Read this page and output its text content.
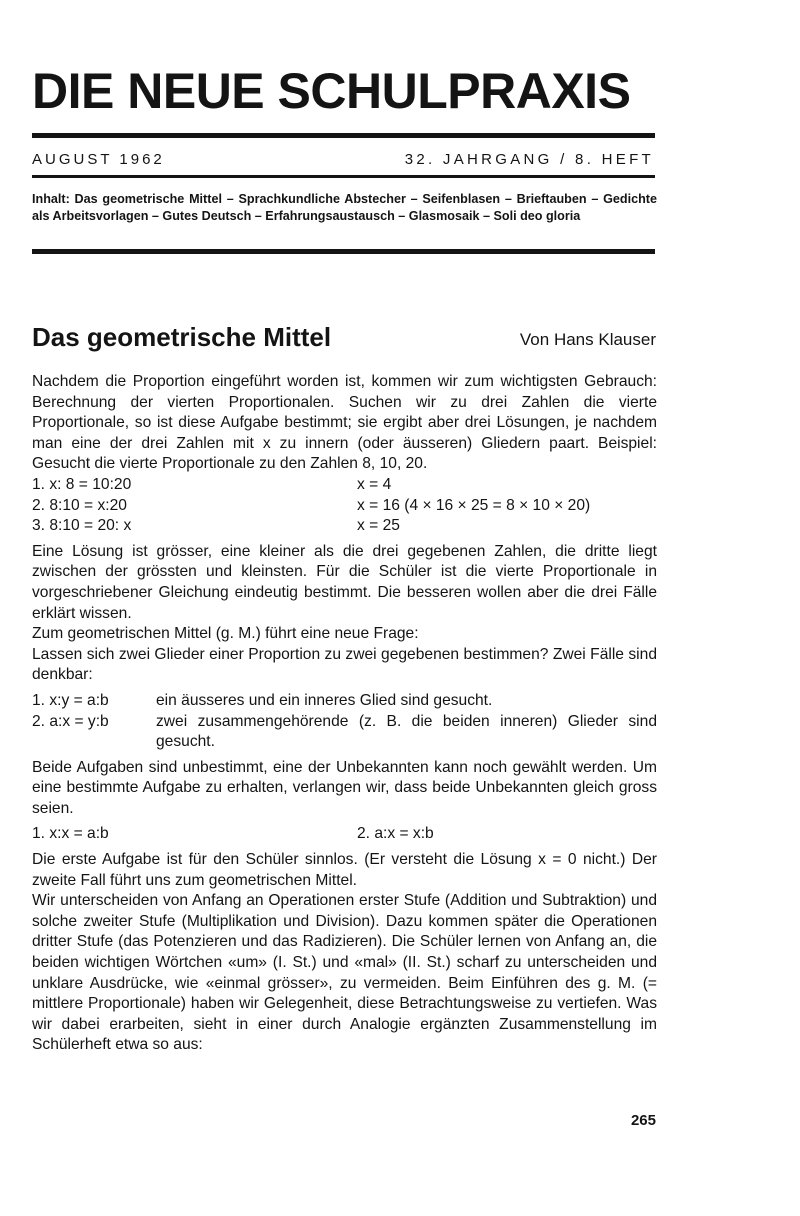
DIE NEUE SCHULPRAXIS
AUGUST 1962	32. JAHRGANG / 8. HEFT
Inhalt: Das geometrische Mittel – Sprachkundliche Abstecher – Seifenblasen – Brieftauben – Gedichte als Arbeitsvorlagen – Gutes Deutsch – Erfahrungsaustausch – Glasmosaik – Soli deo gloria
Das geometrische Mittel	Von Hans Klauser

Nachdem die Proportion eingeführt worden ist, kommen wir zum wichtigsten Gebrauch: Berechnung der vierten Proportionalen. Suchen wir zu drei Zahlen die vierte Proportionale, so ist diese Aufgabe bestimmt; sie ergibt aber drei Lösungen, je nachdem man eine der drei Zahlen mit x zu innern (oder äusseren) Gliedern paart. Beispiel: Gesucht die vierte Proportionale zu den Zahlen 8, 10, 20.

1. x: 8 = 10:20	x = 4
2. 8:10 = x:20	x = 16 (4 × 16 × 25 = 8 × 10 × 20)
3. 8:10 = 20: x	x = 25

Eine Lösung ist grösser, eine kleiner als die drei gegebenen Zahlen, die dritte liegt zwischen der grössten und kleinsten. Für die Schüler ist die vierte Proportionale in vorgeschriebener Gleichung eindeutig bestimmt. Die besseren wollen aber die drei Fälle erklärt wissen.

Zum geometrischen Mittel (g. M.) führt eine neue Frage:

Lassen sich zwei Glieder einer Proportion zu zwei gegebenen bestimmen? Zwei Fälle sind denkbar:

1. x:y = a:b	ein äusseres und ein inneres Glied sind gesucht.
2. a:x = y:b	zwei zusammengehörende (z. B. die beiden inneren) Glieder sind gesucht.

Beide Aufgaben sind unbestimmt, eine der Unbekannten kann noch gewählt werden. Um eine bestimmte Aufgabe zu erhalten, verlangen wir, dass beide Unbekannten gleich gross seien.

1. x:x = a:b	2. a:x = x:b

Die erste Aufgabe ist für den Schüler sinnlos. (Er versteht die Lösung x = 0 nicht.) Der zweite Fall führt uns zum geometrischen Mittel.

Wir unterscheiden von Anfang an Operationen erster Stufe (Addition und Subtraktion) und solche zweiter Stufe (Multiplikation und Division). Dazu kommen später die Operationen dritter Stufe (das Potenzieren und das Radizieren). Die Schüler lernen von Anfang an, die beiden wichtigen Wörtchen «um» (I. St.) und «mal» (II. St.) scharf zu unterscheiden und unklare Ausdrücke, wie «einmal grösser», zu vermeiden. Beim Einführen des g. M. (= mittlere Proportionale) haben wir Gelegenheit, diese Betrachtungsweise zu vertiefen. Was wir dabei erarbeiten, sieht in einer durch Analogie ergänzten Zusammenstellung im Schülerheft etwa so aus:

265
